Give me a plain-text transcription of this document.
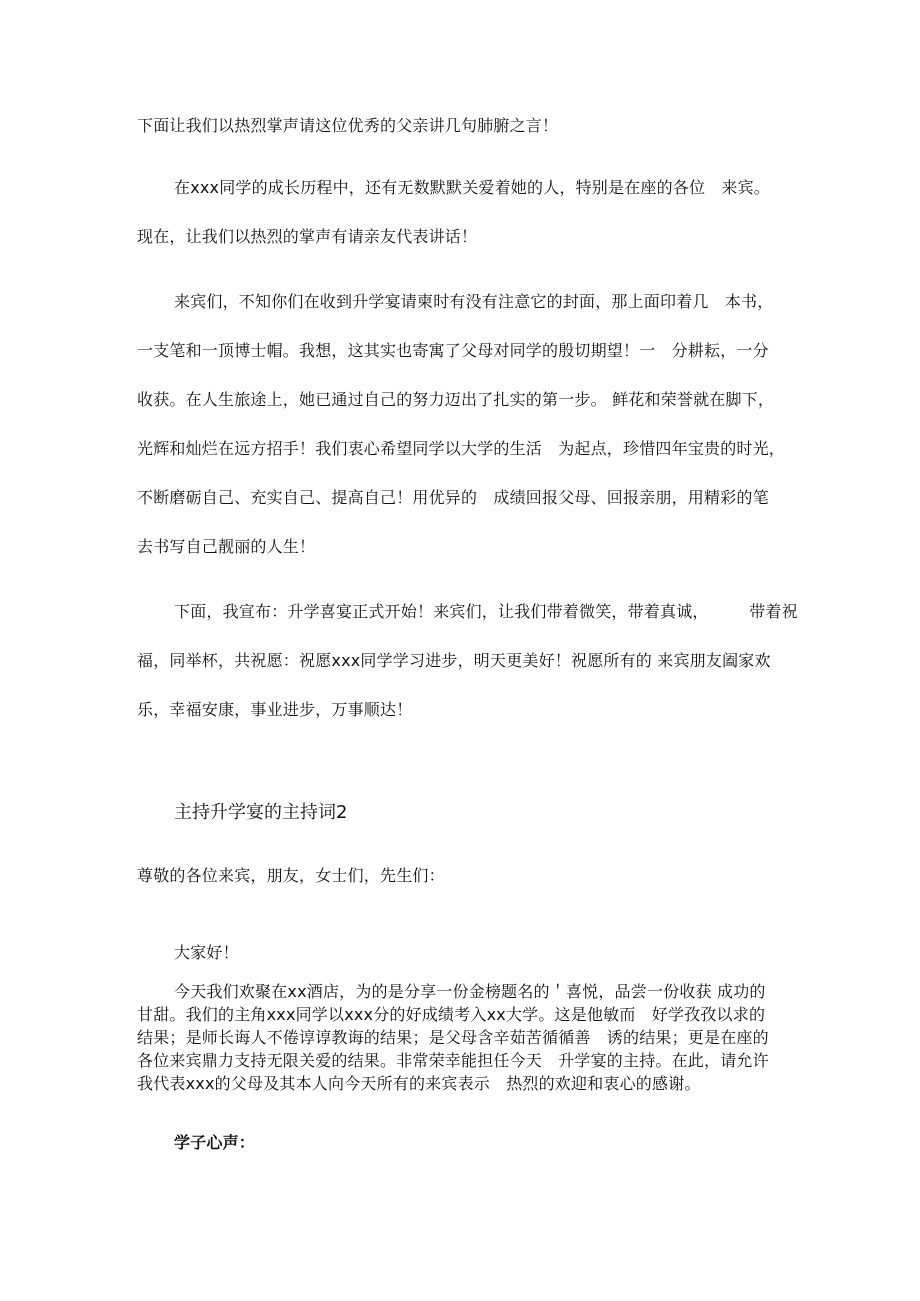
下面让我们以热烈掌声请这位优秀的父亲讲几句肺腑之言！
在xxx同学的成长历程中，还有无数默默关爱着她的人，特别是在座的各位　来宾。
现在，让我们以热烈的掌声有请亲友代表讲话！
来宾们，不知你们在收到升学宴请柬时有没有注意它的封面，那上面印着几　本书，
一支笔和一顶博士帽。我想，这其实也寄寓了父母对同学的殷切期望！一　分耕耘，一分
收获。在人生旅途上，她已通过自己的努力迈出了扎实的第一步。 鲜花和荣誉就在脚下，
光辉和灿烂在远方招手！我们衷心希望同学以大学的生活　为起点，珍惜四年宝贵的时光，
不断磨砺自己、充实自己、提高自己！用优异的　成绩回报父母、回报亲朋，用精彩的笔
去书写自己靓丽的人生！
下面，我宣布：升学喜宴正式开始！来宾们，让我们带着微笑，带着真诚，　　　带着祝
福，同举杯，共祝愿：祝愿xxx同学学习进步，明天更美好！祝愿所有的 来宾朋友阖家欢
乐，幸福安康，事业进步，万事顺达！
主持升学宴的主持词2
尊敬的各位来宾，朋友，女士们，先生们：
大家好！
今天我们欢聚在xx酒店，为的是分享一份金榜题名的＇喜悦，品尝一份收获 成功的
甘甜。我们的主角xxx同学以xxx分的好成绩考入xx大学。这是他敏而　好学孜孜以求的
结果；是师长诲人不倦谆谆教诲的结果；是父母含辛茹苦循循善　诱的结果；更是在座的
各位来宾鼎力支持无限关爱的结果。非常荣幸能担任今天　升学宴的主持。在此，请允许
我代表xxx的父母及其本人向今天所有的来宾表示　热烈的欢迎和衷心的感谢。
学子心声：
